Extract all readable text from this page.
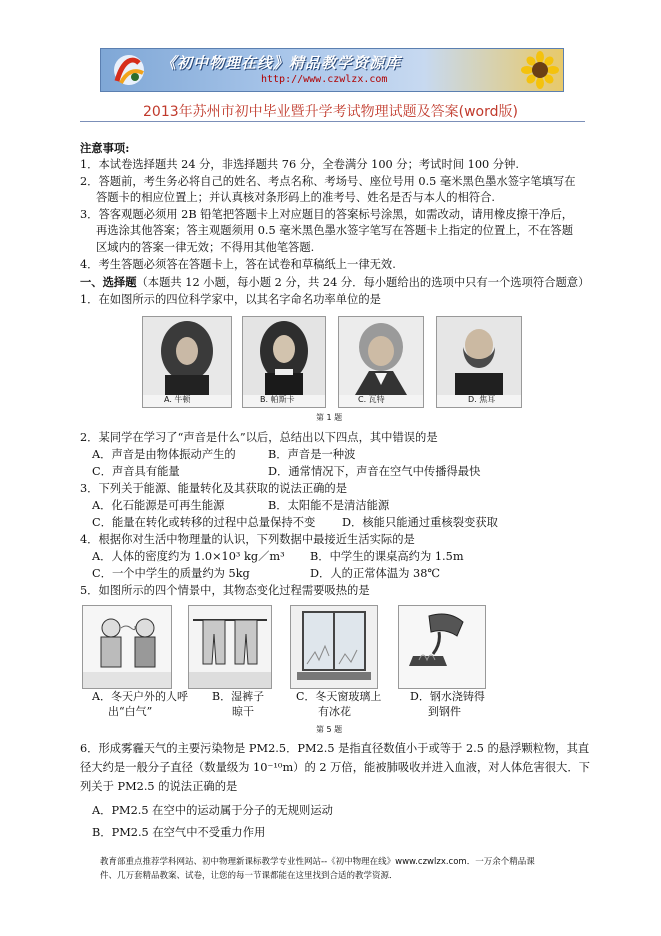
《初中物理在线》精品教学资源库
http://www.czwlzx.com
2013年苏州市初中毕业暨升学考试物理试题及答案(word版)
注意事项:
1．本试卷选择题共 24 分，非选择题共 76 分，全卷满分 100 分；考试时间 100 分钟.
2．答题前，考生务必将自己的姓名、考点名称、考场号、座位号用 0.5 毫米黑色墨水签字笔填写在
答题卡的相应位置上；并认真核对条形码上的准考号、姓名是否与本人的相符合.
3．答客观题必须用 2B 铅笔把答题卡上对应题目的答案标号涂黑，如需改动，请用橡皮擦干净后，
再选涂其他答案；答主观题须用 0.5 毫米黑色墨水签字笔写在答题卡上指定的位置上，不在答题
区域内的答案一律无效；不得用其他笔答题.
4．考生答题必须答在答题卡上，答在试卷和草稿纸上一律无效.
一、选择题（本题共 12 小题，每小题 2 分，共 24 分．每小题给出的选项中只有一个选项符合题意）
1．在如图所示的四位科学家中，以其名字命名功率单位的是
A. 牛顿	B. 帕斯卡	C. 瓦特	D. 焦耳
第 1 题
2．某同学在学习了“声音是什么”以后，总结出以下四点，其中错误的是
A．声音是由物体振动产生的	B．声音是一种波
C．声音具有能量	D．通常情况下，声音在空气中传播得最快
3．下列关于能源、能量转化及其获取的说法正确的是
A．化石能源是可再生能源	B．太阳能不是清洁能源
C．能量在转化或转移的过程中总量保持不变 D．核能只能通过重核裂变获取
4．根据你对生活中物理量的认识，下列数据中最接近生活实际的是
A．人体的密度约为 1.0×10³ kg／m³ B．中学生的课桌高约为 1.5m
C．一个中学生的质量约为 5kg	D．人的正常体温为 38℃
5．如图所示的四个情景中，其物态变化过程需要吸热的是
A．冬天户外的人呼
出“白气”
B．湿裤子
晾干
C．冬天窗玻璃上
有冰花
D．钢水浇铸得
到钢件
第 5 题
6．形成雾霾天气的主要污染物是 PM2.5．PM2.5 是指直径数值小于或等于 2.5 的悬浮颗粒物，其直
径大约是一般分子直径（数量级为 10⁻¹⁰m）的 2 万倍，能被肺吸收并进入血液，对人体危害很大．下
列关于 PM2.5 的说法正确的是
A．PM2.5 在空中的运动属于分子的无规则运动
B．PM2.5 在空气中不受重力作用
教育部重点推荐学科网站、初中物理新课标教学专业性网站--《初中物理在线》www.czwlzx.com．一万余个精品课
件、几万套精品教案、试卷，让您的每一节课都能在这里找到合适的教学资源．
